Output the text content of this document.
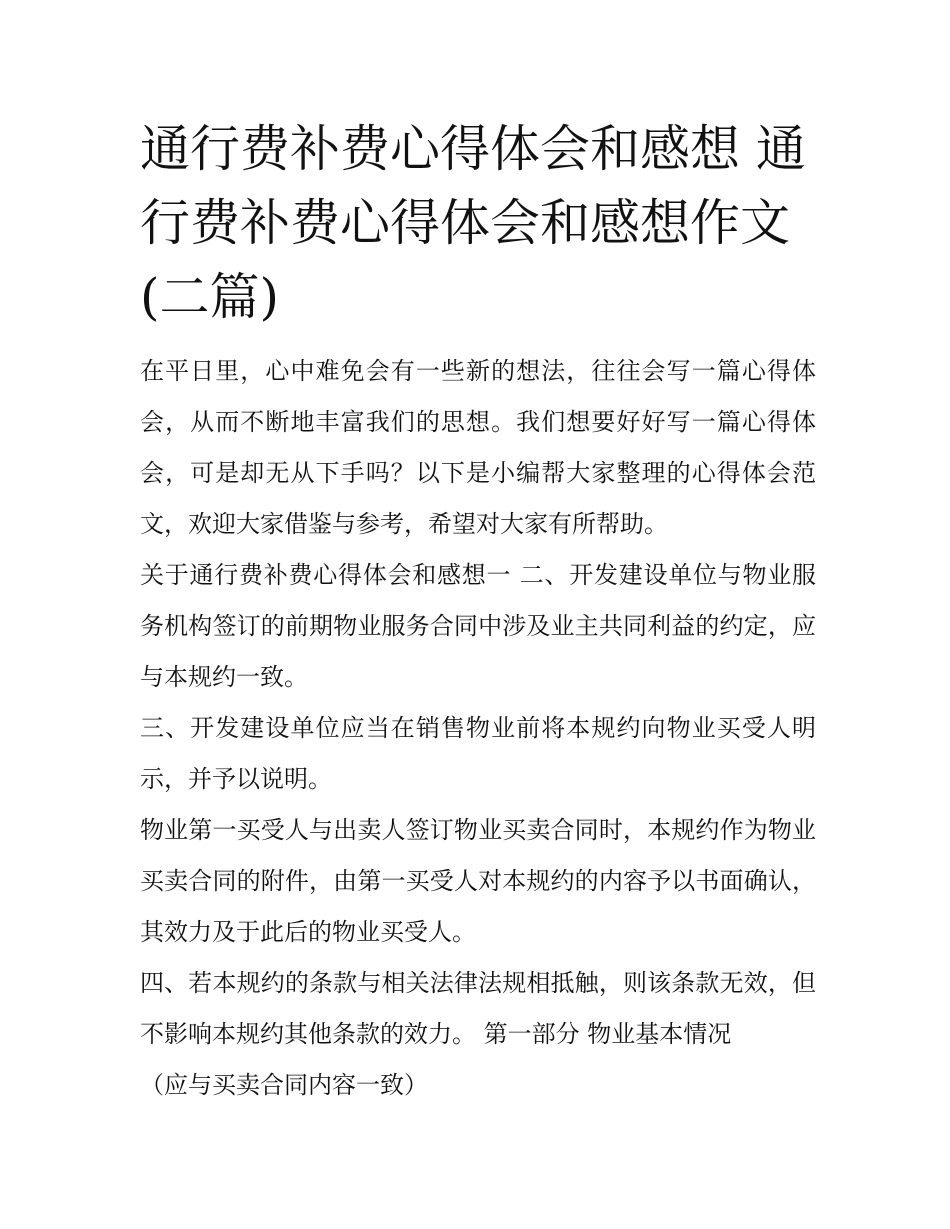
通行费补费心得体会和感想 通行费补费心得体会和感想作文(二篇)

在平日里，心中难免会有一些新的想法，往往会写一篇心得体会，从而不断地丰富我们的思想。我们想要好好写一篇心得体会，可是却无从下手吗？以下是小编帮大家整理的心得体会范文，欢迎大家借鉴与参考，希望对大家有所帮助。

关于通行费补费心得体会和感想一 二、开发建设单位与物业服务机构签订的前期物业服务合同中涉及业主共同利益的约定，应与本规约一致。

三、开发建设单位应当在销售物业前将本规约向物业买受人明示，并予以说明。

物业第一买受人与出卖人签订物业买卖合同时，本规约作为物业买卖合同的附件，由第一买受人对本规约的内容予以书面确认，其效力及于此后的物业买受人。

四、若本规约的条款与相关法律法规相抵触，则该条款无效，但不影响本规约其他条款的效力。 第一部分 物业基本情况

（应与买卖合同内容一致）
